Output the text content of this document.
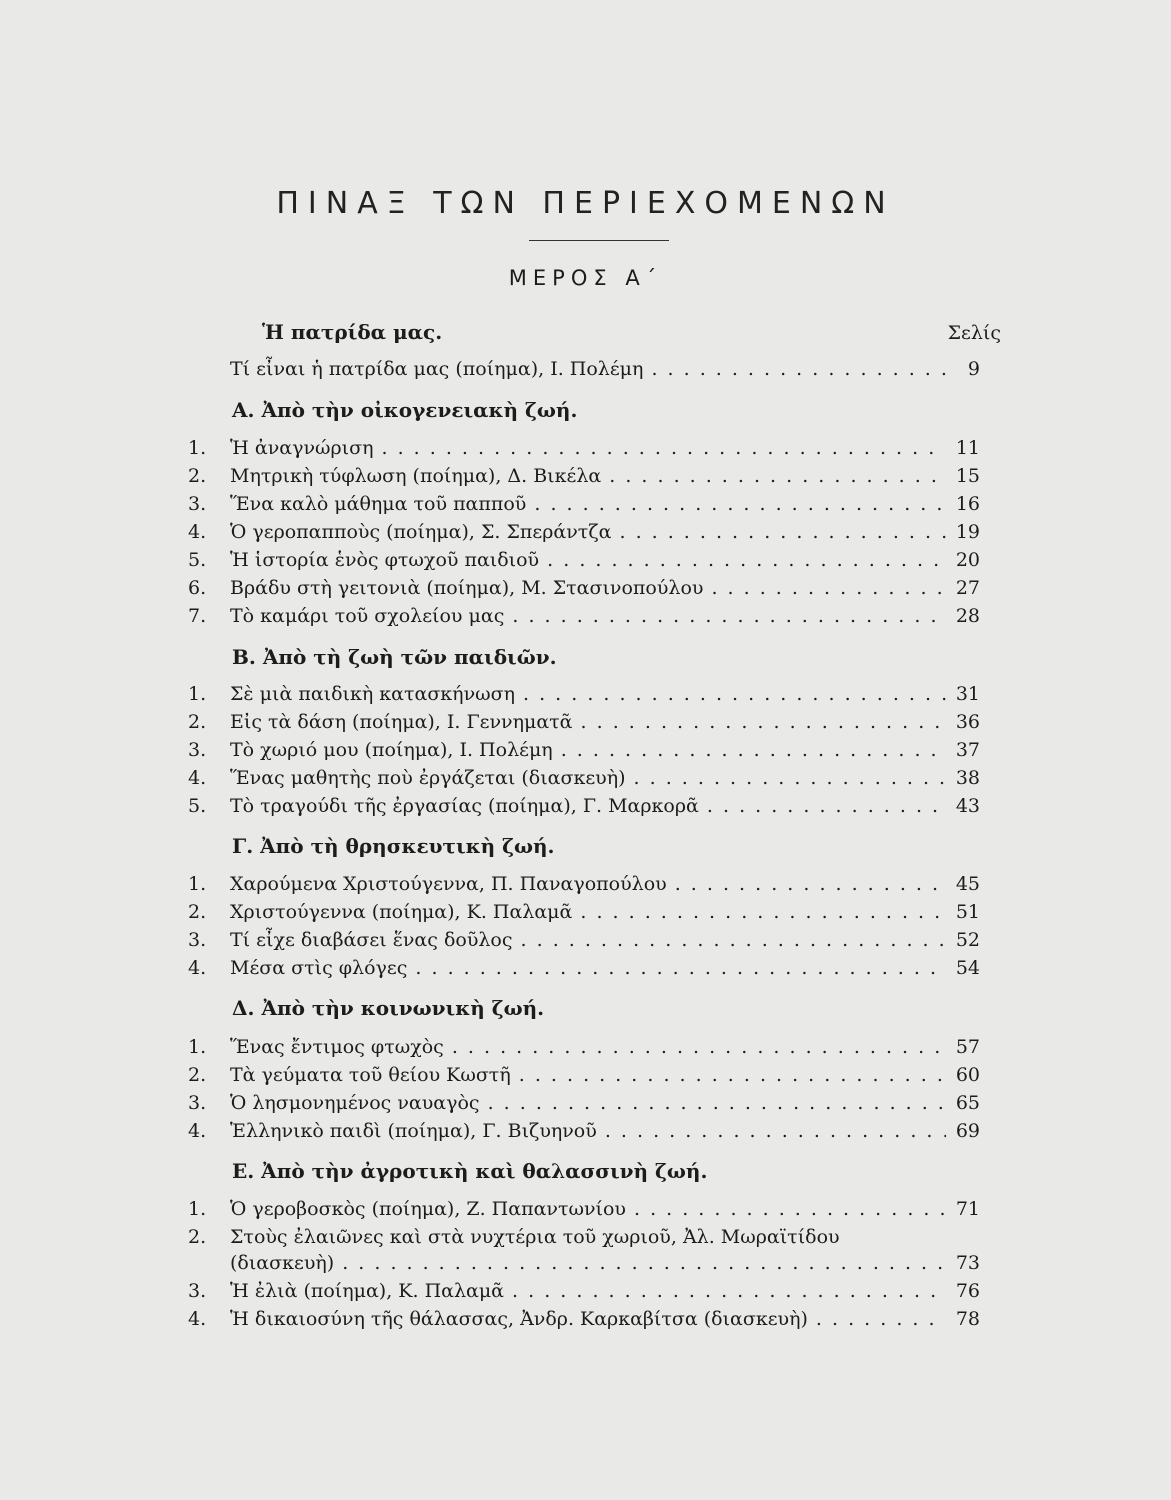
ΠΙΝΑΞ ΤΩΝ ΠΕΡΙΕΧΟΜΕΝΩΝ
ΜΕΡΟΣ Α΄
Ἡ πατρίδα μας.	Σελίς
Τί εἶναι ἡ πατρίδα μας (ποίημα), Ι. Πολέμη . . .	9
Α. Ἀπὸ τὴν οἰκογενειακὴ ζωή.
1. Ἡ ἀναγνώριση . . .	11
2. Μητρικὴ τύφλωση (ποίημα), Δ. Βικέλα . . .	15
3. Ἕνα καλὸ μάθημα τοῦ παπποῦ . . .	16
4. Ὁ γεροπαπποὺς (ποίημα), Σ. Σπεράντζα . . .	19
5. Ἡ ἱστορία ἑνὸς φτωχοῦ παιδιοῦ . . .	20
6. Βράδυ στὴ γειτονιὰ (ποίημα), Μ. Στασινοπούλου . . .	27
7. Τὸ καμάρι τοῦ σχολείου μας . . .	28
Β. Ἀπὸ τὴ ζωὴ τῶν παιδιῶν.
1. Σὲ μιὰ παιδικὴ κατασκήνωση . . .	31
2. Εἰς τὰ δάση (ποίημα), Ι. Γεννηματᾶ . . .	36
3. Τὸ χωριό μου (ποίημα), Ι. Πολέμη . . .	37
4. Ἕνας μαθητὴς ποὺ ἐργάζεται (διασκευὴ) . . .	38
5. Τὸ τραγούδι τῆς ἐργασίας (ποίημα), Γ. Μαρκορᾶ . . .	43
Γ. Ἀπὸ τὴ θρησκευτικὴ ζωή.
1. Χαρούμενα Χριστούγεννα, Π. Παναγοπούλου . . .	45
2. Χριστούγεννα (ποίημα), Κ. Παλαμᾶ . . .	51
3. Τί εἶχε διαβάσει ἕνας δοῦλος . . .	52
4. Μέσα στὶς φλόγες . . .	54
Δ. Ἀπὸ τὴν κοινωνικὴ ζωή.
1. Ἕνας ἔντιμος φτωχὸς . . .	57
2. Τὰ γεύματα τοῦ θείου Κωστῆ . . .	60
3. Ὁ λησμονημένος ναυαγὸς . . .	65
4. Ἑλληνικὸ παιδὶ (ποίημα), Γ. Βιζυηνοῦ . . .	69
Ε. Ἀπὸ τὴν ἀγροτικὴ καὶ θαλασσινὴ ζωή.
1. Ὁ γεροβοσκὸς (ποίημα), Ζ. Παπαντωνίου . . .	71
2. Στοὺς ἐλαιῶνες καὶ στὰ νυχτέρια τοῦ χωριοῦ, Ἀλ. Μωραϊτίδου
(διασκευὴ) . . .	73
3. Ἡ ἐλιὰ (ποίημα), Κ. Παλαμᾶ . . .	76
4. Ἡ δικαιοσύνη τῆς θάλασσας, Ἀνδρ. Καρκαβίτσα (διασκευὴ) . . .	78
